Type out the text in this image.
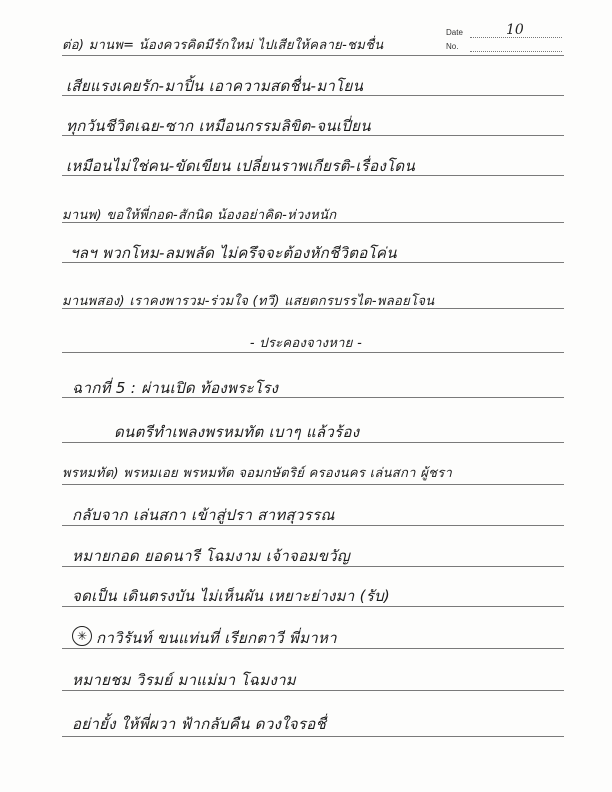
Date	10
No.
ต่อ) มานพ= น้องควรคิดมีรักใหม่ ไปเสียให้คลาย-ชมชื่น
เสียแรงเคยรัก-มาปิ้น เอาความสดชื่น-มาโยน
ทุกวันชีวิตเฉย-ซาก เหมือนกรรมลิขิต-จนเปี่ยน
เหมือนไม่ใช่คน-ขัดเขียน เปลี่ยนราพเกียรติ-เรื่องโดน
มานพ) ขอให้พี่กอด-สักนิด น้องอย่าคิด-ห่วงหนัก
ฯลฯ พวกโหม-ลมพลัด ไม่ครึจจะต้องหักชีวิตอโค่น
มานพสอง) เราคงพารวม-ร่วมใจ (ทวี) แสยตกรบรรไต-พลอยโจน
- ประคองจางหาย -
ฉากที่ 5 : ผ่านเปิด ท้องพระโรง
ดนตรีทำเพลงพรหมทัต เบาๆ แล้วร้อง
พรหมทัต) พรหมเอย พรหมทัต จอมกษัตริย์ ครองนคร เล่นสกา ผู้ชรา
กลับจาก เล่นสกา เข้าสู่ปรา สาทสุวรรณ
หมายกอด ยอดนารี โฉมงาม เจ้าจอมขวัญ
จดเป็น เดินตรงบัน ไม่เห็นผัน เหยาะย่างมา (รับ)
✳ กาวิรันท์ ขนแท่นที่ เรียกตาวี พี่มาหา
หมายชม วิรมย์ มาแม่มา โฉมงาม
อย่ายั้ง ให้พี่ผวา ฟ้ากลับคืน ดวงใจรอชื่
